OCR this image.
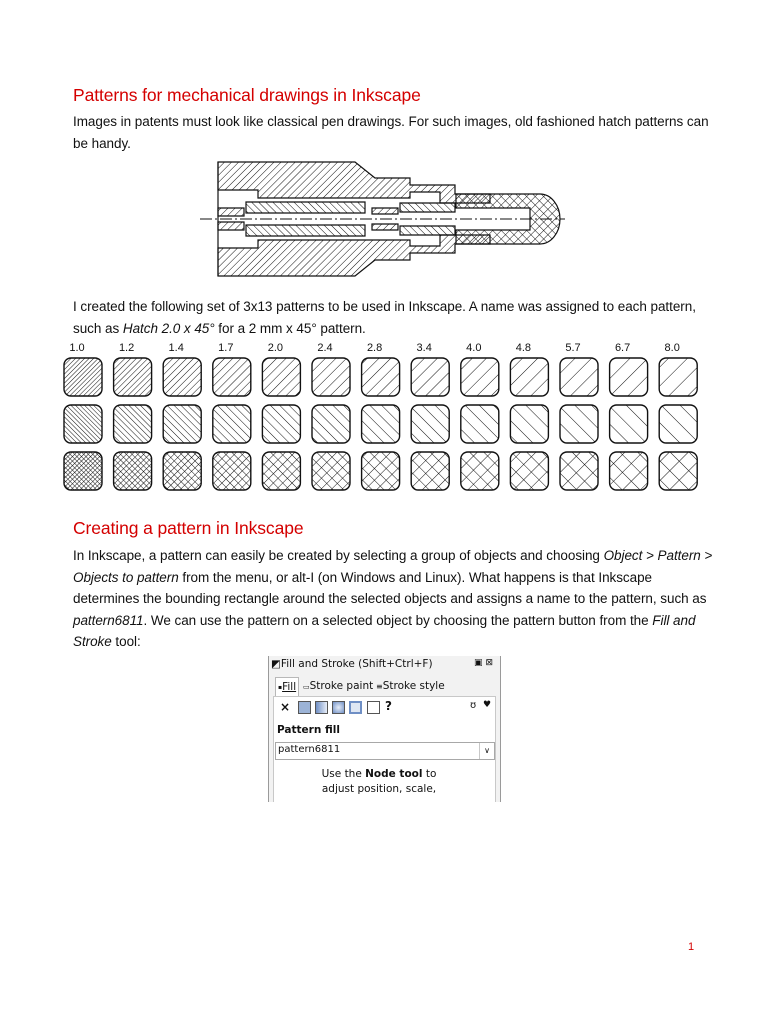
Patterns for mechanical drawings in Inkscape

Images in patents must look like classical pen drawings. For such images, old fashioned hatch patterns can be handy.

I created the following set of 3x13 patterns to be used in Inkscape. A name was assigned to each pattern, such as Hatch 2.0 x 45° for a 2 mm x 45° pattern.

1.0	1.2	1.4	1.7	2.0	2.4	2.8	3.4	4.0	4.8	5.7	6.7	8.0
Creating a pattern in Inkscape

In Inkscape, a pattern can easily be created by selecting a group of objects and choosing Object > Pattern > Objects to pattern from the menu, or alt-I (on Windows and Linux). What happens is that Inkscape determines the bounding rectangle around the selected objects and assigns a name to the pattern, such as pattern6811. We can use the pattern on a selected object by choosing the pattern button from the Fill and Stroke tool:

◩Fill and Stroke (Shift+Ctrl+F)	▣⊠
▪Fill ▭Stroke paint ≡Stroke style
×	?	ʊ ♥
Pattern fill
pattern6811	∨
Use the Node tool to
adjust position, scale,
1
